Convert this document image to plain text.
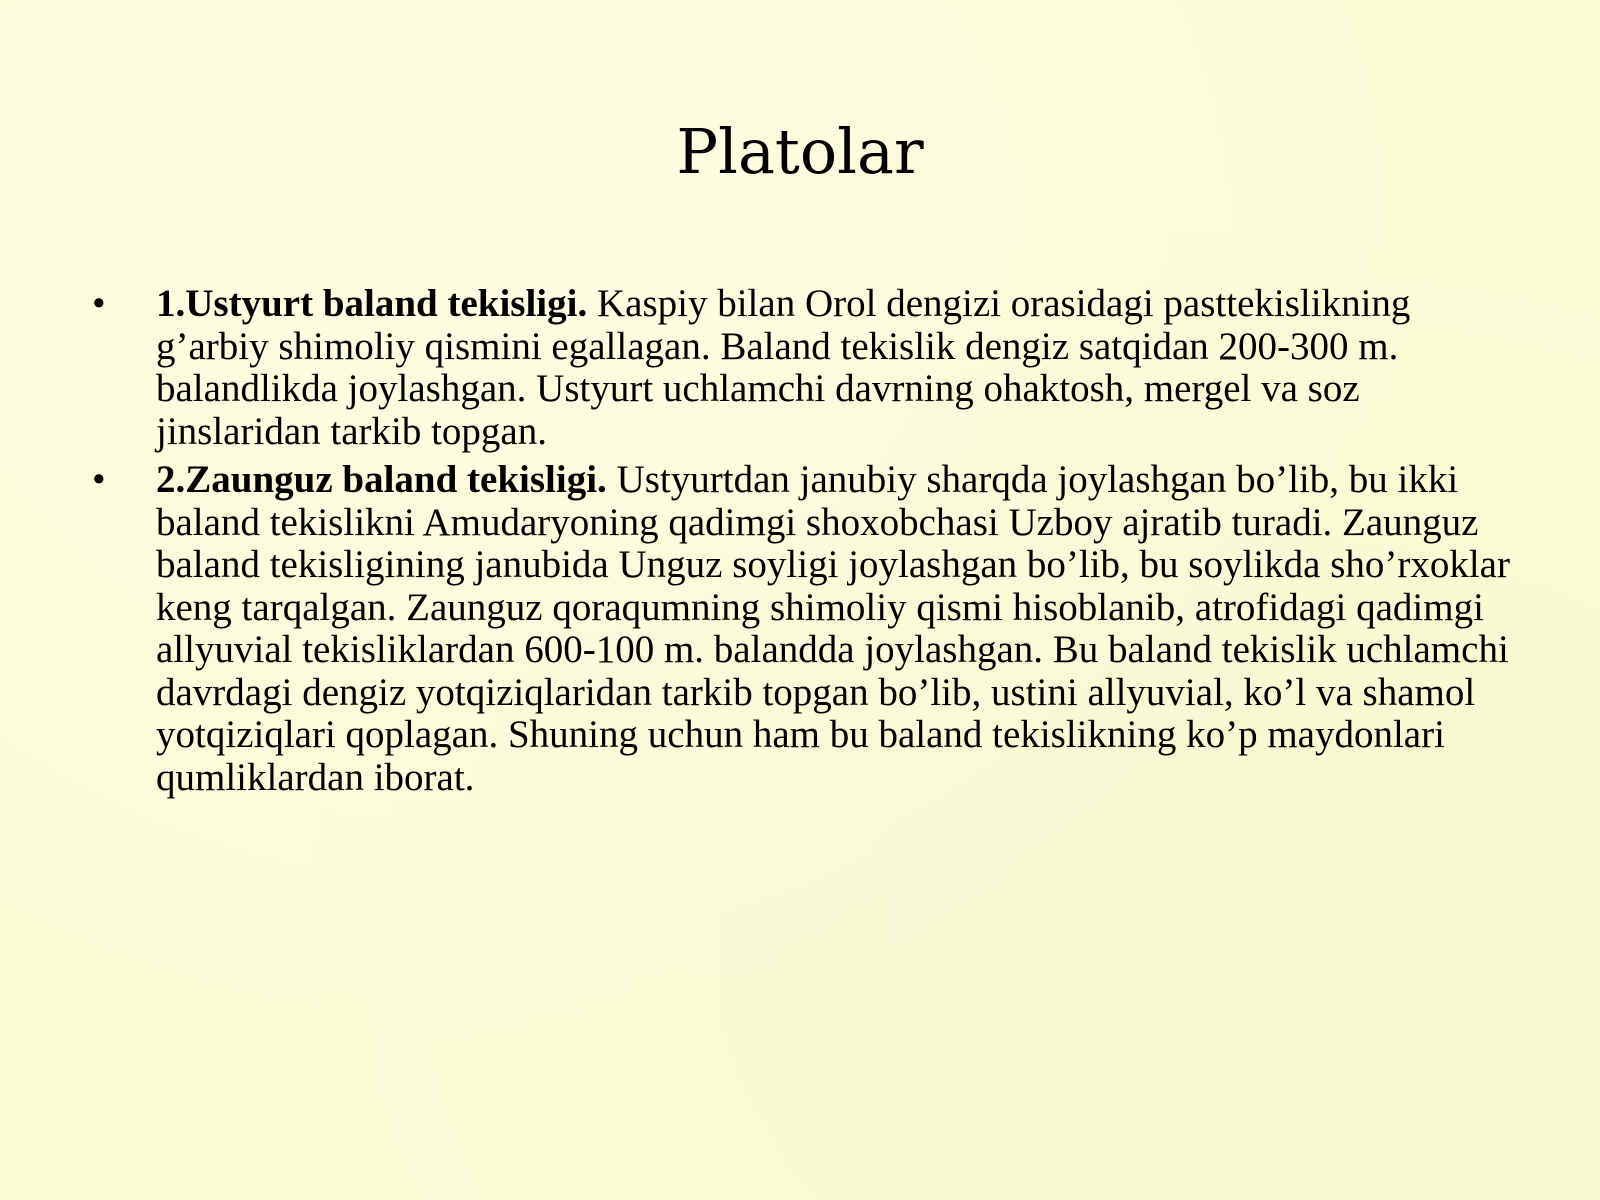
Platolar
•	1.Ustyurt baland tekisligi. Kaspiy bilan Orol dengizi orasidagi pasttekislikning g’arbiy shimoliy qismini egallagan. Baland tekislik dengiz satqidan 200-300 m. balandlikda joylashgan. Ustyurt uchlamchi davrning ohaktosh, mergel va soz jinslaridan tarkib topgan.
•	2.Zaunguz baland tekisligi. Ustyurtdan janubiy sharqda joylashgan bo’lib, bu ikki baland tekislikni Amudaryoning qadimgi shoxobchasi Uzboy ajratib turadi. Zaunguz baland tekisligining janubida Unguz soyligi joylashgan bo’lib, bu soylikda sho’rxoklar keng tarqalgan. Zaunguz qoraqumning shimoliy qismi hisoblanib, atrofidagi qadimgi allyuvial tekisliklardan 600-100 m. balandda joylashgan. Bu baland tekislik uchlamchi davrdagi dengiz yotqiziqlaridan tarkib topgan bo’lib, ustini allyuvial, ko’l va shamol yotqiziqlari qoplagan. Shuning uchun ham bu baland tekislikning ko’p maydonlari qumliklardan iborat.
